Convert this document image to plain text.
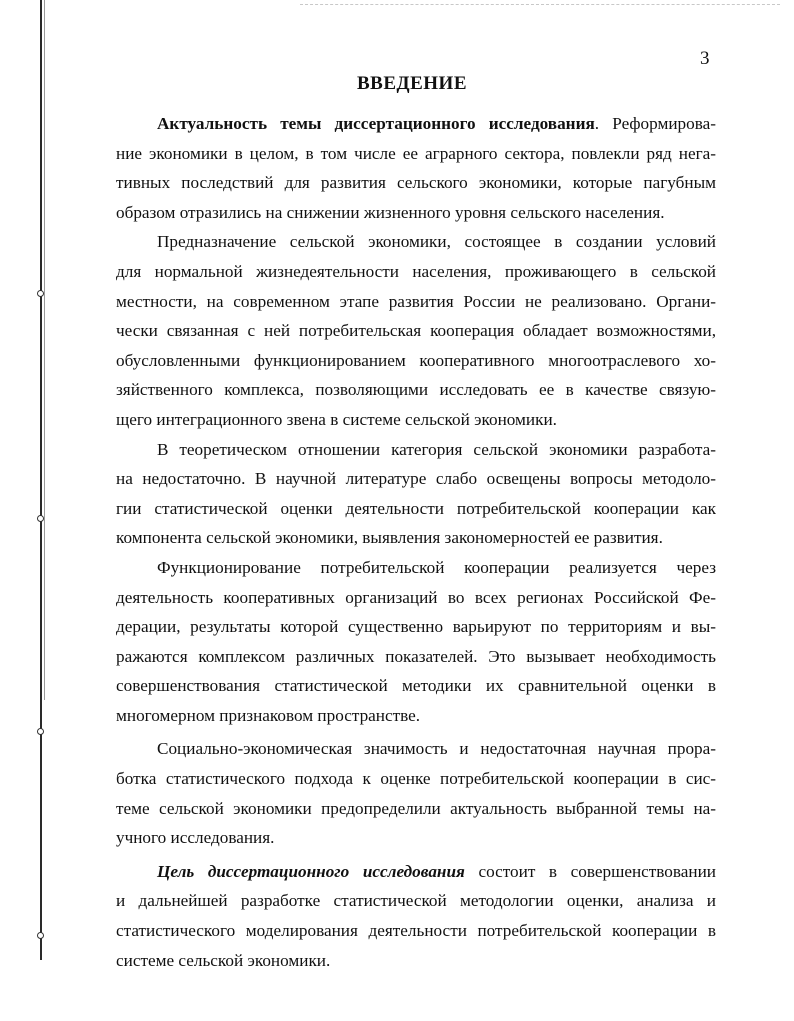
3
ВВЕДЕНИЕ
Актуальность темы диссертационного исследования. Реформирова-
ние экономики в целом, в том числе ее аграрного сектора, повлекли ряд нега-
тивных последствий для развития сельского экономики, которые пагубным
образом отразились на снижении жизненного уровня сельского населения.
Предназначение сельской экономики, состоящее в создании условий
для нормальной жизнедеятельности населения, проживающего в сельской
местности, на современном этапе развития России не реализовано. Органи-
чески связанная с ней потребительская кооперация обладает возможностями,
обусловленными функционированием кооперативного многоотраслевого хо-
зяйственного комплекса, позволяющими исследовать ее в качестве связую-
щего интеграционного звена в системе сельской экономики.
В теоретическом отношении категория сельской экономики разработа-
на недостаточно. В научной литературе слабо освещены вопросы методоло-
гии статистической оценки деятельности потребительской кооперации как
компонента сельской экономики, выявления закономерностей ее развития.
Функционирование потребительской кооперации реализуется через
деятельность кооперативных организаций во всех регионах Российской Фе-
дерации, результаты которой существенно варьируют по территориям и вы-
ражаются комплексом различных показателей. Это вызывает необходимость
совершенствования статистической методики их сравнительной оценки в
многомерном признаковом пространстве.
Социально-экономическая значимость и недостаточная научная прора-
ботка статистического подхода к оценке потребительской кооперации в сис-
теме сельской экономики предопределили актуальность выбранной темы на-
учного исследования.
Цель диссертационного исследования состоит в совершенствовании
и дальнейшей разработке статистической методологии оценки, анализа и
статистического моделирования деятельности потребительской кооперации в
системе сельской экономики.
